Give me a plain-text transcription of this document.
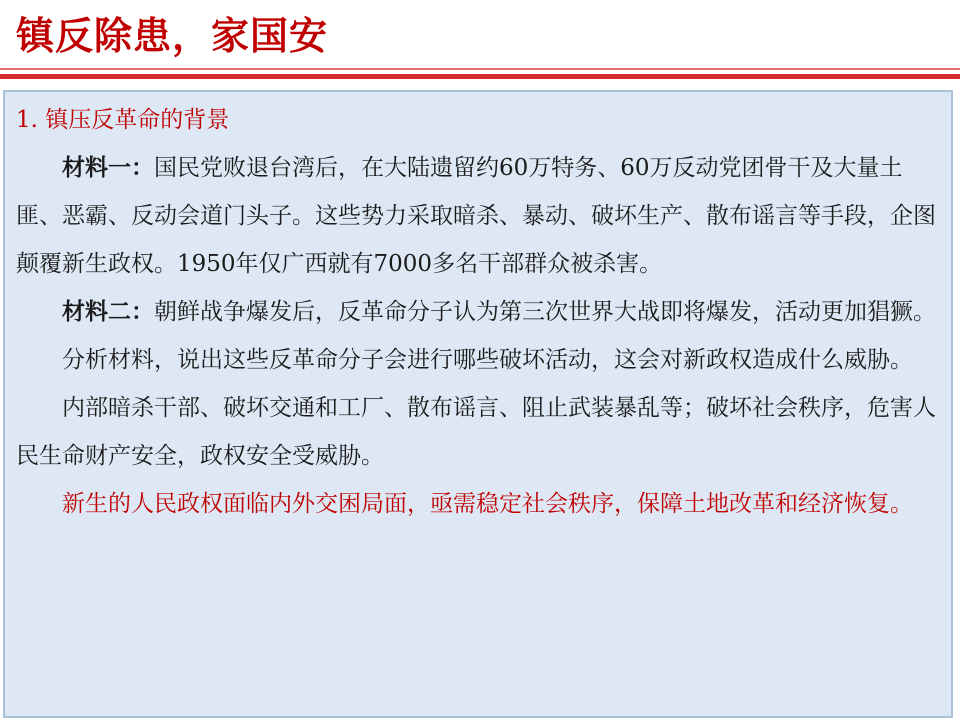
镇反除患，家国安

1. 镇压反革命的背景

材料一：国民党败退台湾后，在大陆遗留约60万特务、60万反动党团骨干及大量土匪、恶霸、反动会道门头子。这些势力采取暗杀、暴动、破坏生产、散布谣言等手段，企图颠覆新生政权。1950年仅广西就有7000多名干部群众被杀害。

材料二：朝鲜战争爆发后，反革命分子认为第三次世界大战即将爆发，活动更加猖獗。

分析材料，说出这些反革命分子会进行哪些破坏活动，这会对新政权造成什么威胁。

内部暗杀干部、破坏交通和工厂、散布谣言、阻止武装暴乱等；破坏社会秩序，危害人民生命财产安全，政权安全受威胁。

新生的人民政权面临内外交困局面，亟需稳定社会秩序，保障土地改革和经济恢复。
